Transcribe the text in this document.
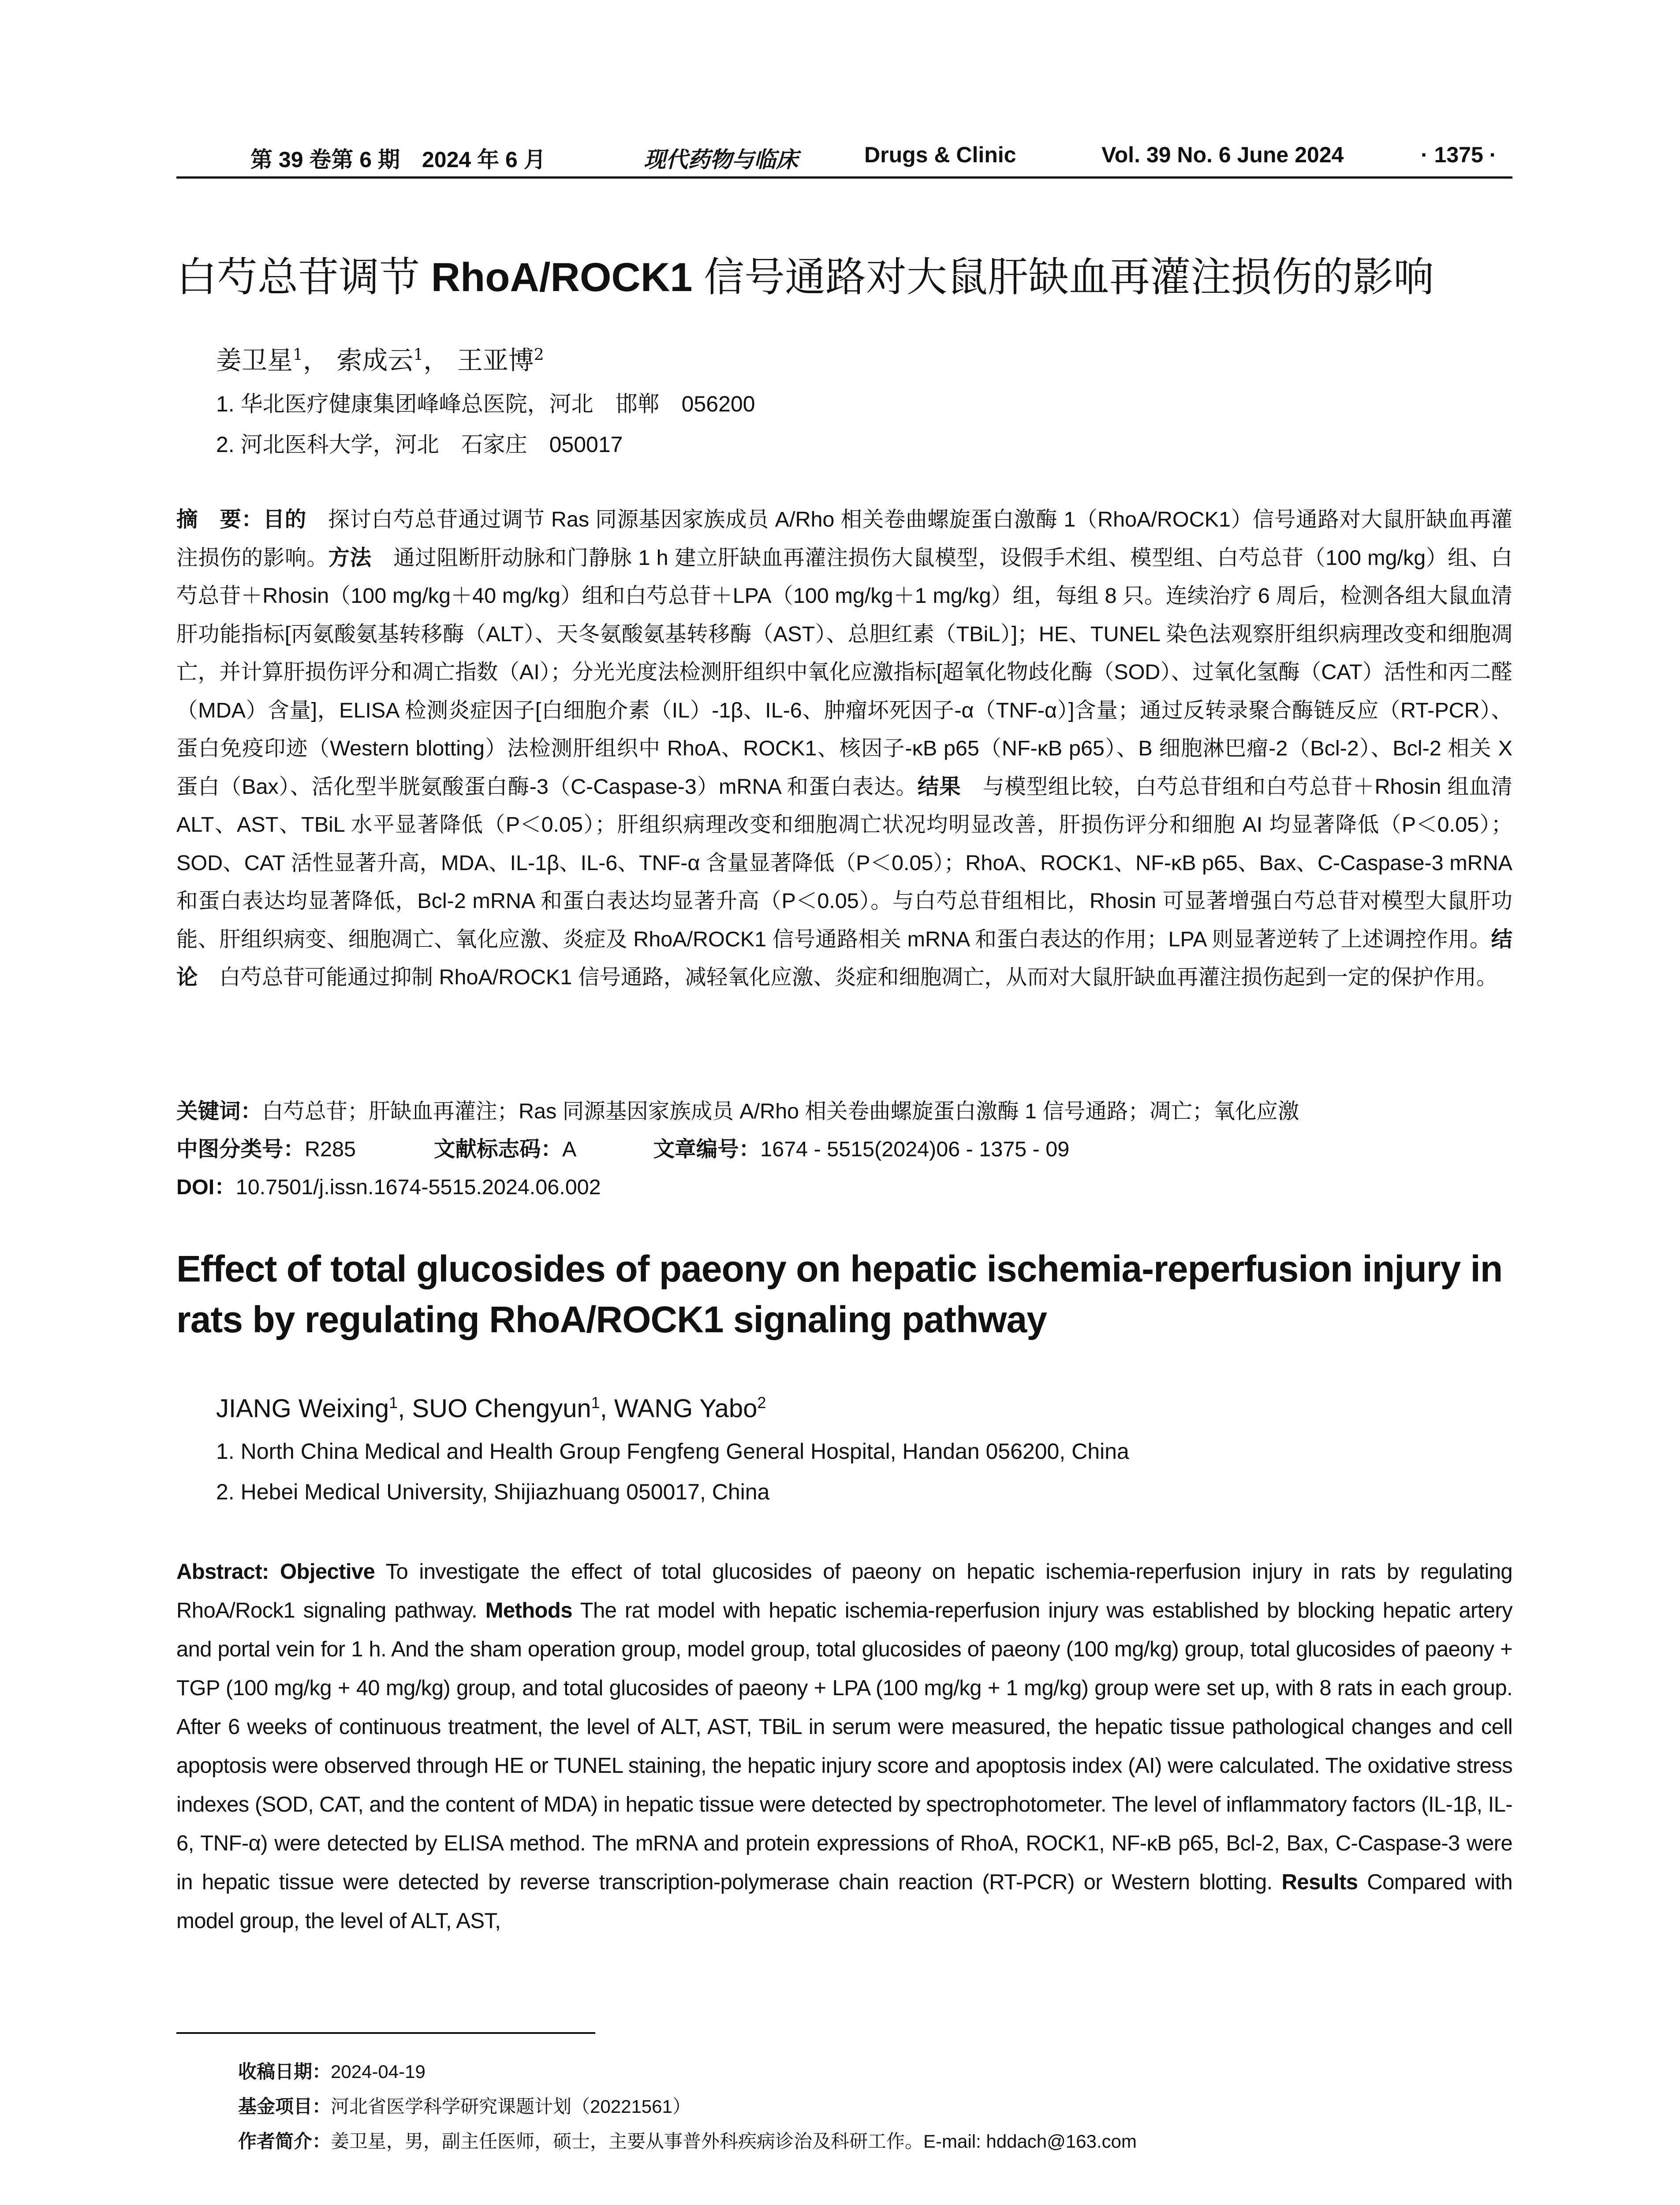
第 39 卷第 6 期　2024 年 6 月	现代药物与临床	Drugs & Clinic	Vol. 39 No. 6 June 2024	· 1375 ·
白芍总苷调节 RhoA/ROCK1 信号通路对大鼠肝缺血再灌注损伤的影响
姜卫星$^1$， 索成云$^1$， 王亚博$^2$
1. 华北医疗健康集团峰峰总医院，河北　邯郸　056200
2. 河北医科大学，河北　石家庄　050017

摘　要：目的　探讨白芍总苷通过调节 Ras 同源基因家族成员 A/Rho 相关卷曲螺旋蛋白激酶 1（RhoA/ROCK1）信号通路对大鼠肝缺血再灌注损伤的影响。方法　通过阻断肝动脉和门静脉 1 h 建立肝缺血再灌注损伤大鼠模型，设假手术组、模型组、白芍总苷（100 mg/kg）组、白芍总苷＋Rhosin（100 mg/kg＋40 mg/kg）组和白芍总苷＋LPA（100 mg/kg＋1 mg/kg）组，每组 8 只。连续治疗 6 周后，检测各组大鼠血清肝功能指标[丙氨酸氨基转移酶（ALT）、天冬氨酸氨基转移酶（AST）、总胆红素（TBiL）]；HE、TUNEL 染色法观察肝组织病理改变和细胞凋亡，并计算肝损伤评分和凋亡指数（AI）；分光光度法检测肝组织中氧化应激指标[超氧化物歧化酶（SOD）、过氧化氢酶（CAT）活性和丙二醛（MDA）含量]，ELISA 检测炎症因子[白细胞介素（IL）-1β、IL-6、肿瘤坏死因子-α（TNF-α）]含量；通过反转录聚合酶链反应（RT-PCR）、蛋白免疫印迹（Western blotting）法检测肝组织中 RhoA、ROCK1、核因子-κB p65（NF-κB p65）、B 细胞淋巴瘤-2（Bcl-2）、Bcl-2 相关 X 蛋白（Bax）、活化型半胱氨酸蛋白酶-3（C-Caspase-3）mRNA 和蛋白表达。结果　与模型组比较，白芍总苷组和白芍总苷＋Rhosin 组血清 ALT、AST、TBiL 水平显著降低（P＜0.05）；肝组织病理改变和细胞凋亡状况均明显改善，肝损伤评分和细胞 AI 均显著降低（P＜0.05）；SOD、CAT 活性显著升高，MDA、IL-1β、IL-6、TNF-α 含量显著降低（P＜0.05）；RhoA、ROCK1、NF-κB p65、Bax、C-Caspase-3 mRNA 和蛋白表达均显著降低，Bcl-2 mRNA 和蛋白表达均显著升高（P＜0.05）。与白芍总苷组相比，Rhosin 可显著增强白芍总苷对模型大鼠肝功能、肝组织病变、细胞凋亡、氧化应激、炎症及 RhoA/ROCK1 信号通路相关 mRNA 和蛋白表达的作用；LPA 则显著逆转了上述调控作用。结论　白芍总苷可能通过抑制 RhoA/ROCK1 信号通路，减轻氧化应激、炎症和细胞凋亡，从而对大鼠肝缺血再灌注损伤起到一定的保护作用。

关键词：白芍总苷；肝缺血再灌注；Ras 同源基因家族成员 A/Rho 相关卷曲螺旋蛋白激酶 1 信号通路；凋亡；氧化应激
中图分类号：R285	文献标志码：A	文章编号：1674 - 5515(2024)06 - 1375 - 09
DOI：10.7501/j.issn.1674-5515.2024.06.002
Effect of total glucosides of paeony on hepatic ischemia-reperfusion injury in rats by regulating RhoA/ROCK1 signaling pathway
JIANG Weixing$^1$, SUO Chengyun$^1$, WANG Yabo$^2$
1. North China Medical and Health Group Fengfeng General Hospital, Handan 056200, China
2. Hebei Medical University, Shijiazhuang 050017, China
Abstract: Objective To investigate the effect of total glucosides of paeony on hepatic ischemia-reperfusion injury in rats by regulating RhoA/Rock1 signaling pathway. Methods The rat model with hepatic ischemia-reperfusion injury was established by blocking hepatic artery and portal vein for 1 h. And the sham operation group, model group, total glucosides of paeony (100 mg/kg) group, total glucosides of paeony + TGP (100 mg/kg + 40 mg/kg) group, and total glucosides of paeony + LPA (100 mg/kg + 1 mg/kg) group were set up, with 8 rats in each group. After 6 weeks of continuous treatment, the level of ALT, AST, TBiL in serum were measured, the hepatic tissue pathological changes and cell apoptosis were observed through HE or TUNEL staining, the hepatic injury score and apoptosis index (AI) were calculated. The oxidative stress indexes (SOD, CAT, and the content of MDA) in hepatic tissue were detected by spectrophotometer. The level of inflammatory factors (IL-1β, IL-6, TNF-α) were detected by ELISA method. The mRNA and protein expressions of RhoA, ROCK1, NF-κB p65, Bcl-2, Bax, C-Caspase-3 were in hepatic tissue were detected by reverse transcription-polymerase chain reaction (RT-PCR) or Western blotting. Results Compared with model group, the level of ALT, AST,
收稿日期：2024-04-19
基金项目：河北省医学科学研究课题计划（20221561）
作者简介：姜卫星，男，副主任医师，硕士，主要从事普外科疾病诊治及科研工作。E-mail: hddach@163.com
